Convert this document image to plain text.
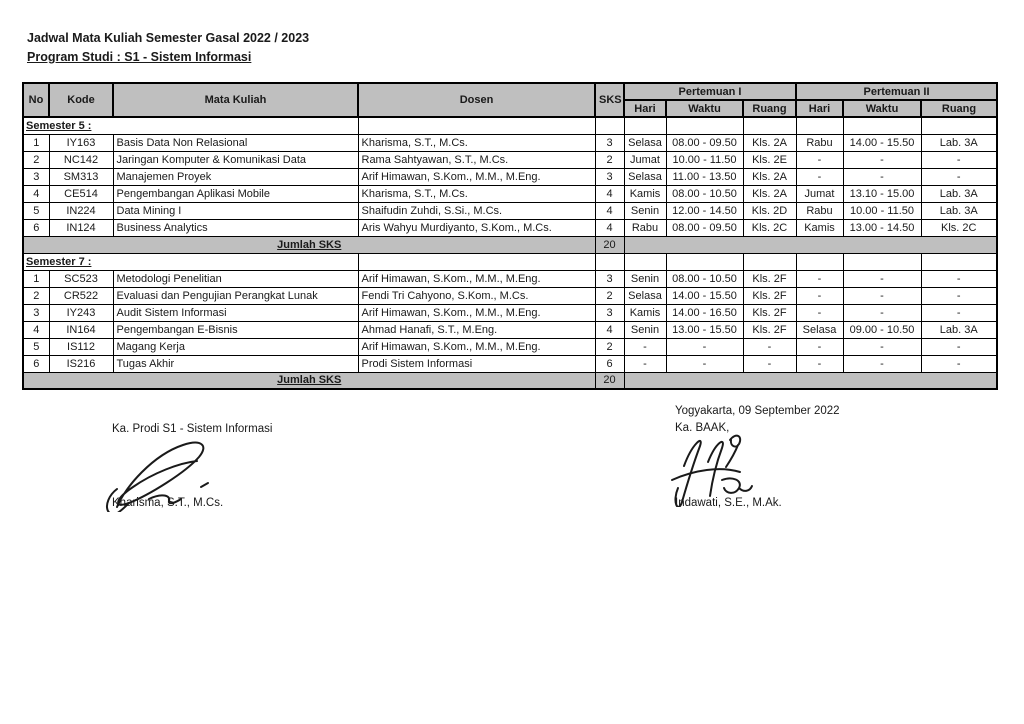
Jadwal Mata Kuliah Semester Gasal 2022 / 2023
Program Studi : S1 - Sistem Informasi
No	Kode	Mata Kuliah	Dosen	SKS	Pertemuan I			Pertemuan II		
					Hari	Waktu	Ruang	Hari	Waktu	Ruang
Semester 5 :										
1	IY163	Basis Data Non Relasional	Kharisma, S.T., M.Cs.	3	Selasa	08.00 - 09.50	Kls. 2A	Rabu	14.00 - 15.50	Lab. 3A
2	NC142	Jaringan Komputer & Komunikasi Data	Rama Sahtyawan, S.T., M.Cs.	2	Jumat	10.00 - 11.50	Kls. 2E	-	-	-
3	SM313	Manajemen Proyek	Arif Himawan, S.Kom., M.M., M.Eng.	3	Selasa	11.00 - 13.50	Kls. 2A	-	-	-
4	CE514	Pengembangan Aplikasi Mobile	Kharisma, S.T., M.Cs.	4	Kamis	08.00 - 10.50	Kls. 2A	Jumat	13.10 - 15.00	Lab. 3A
5	IN224	Data Mining I	Shaifudin Zuhdi, S.Si., M.Cs.	4	Senin	12.00 - 14.50	Kls. 2D	Rabu	10.00 - 11.50	Lab. 3A
6	IN124	Business Analytics	Aris Wahyu Murdiyanto, S.Kom., M.Cs.	4	Rabu	08.00 - 09.50	Kls. 2C	Kamis	13.00 - 14.50	Kls. 2C
Jumlah SKS				20						
Semester 7 :										
1	SC523	Metodologi Penelitian	Arif Himawan, S.Kom., M.M., M.Eng.	3	Senin	08.00 - 10.50	Kls. 2F	-	-	-
2	CR522	Evaluasi dan Pengujian Perangkat Lunak	Fendi Tri Cahyono, S.Kom., M.Cs.	2	Selasa	14.00 - 15.50	Kls. 2F	-	-	-
3	IY243	Audit Sistem Informasi	Arif Himawan, S.Kom., M.M., M.Eng.	3	Kamis	14.00 - 16.50	Kls. 2F	-	-	-
4	IN164	Pengembangan E-Bisnis	Ahmad Hanafi, S.T., M.Eng.	4	Senin	13.00 - 15.50	Kls. 2F	Selasa	09.00 - 10.50	Lab. 3A
5	IS112	Magang Kerja	Arif Himawan, S.Kom., M.M., M.Eng.	2	-	-	-	-	-	-
6	IS216	Tugas Akhir	Prodi Sistem Informasi	6	-	-	-	-	-	-
Jumlah SKS				20						
Ka. Prodi S1 - Sistem Informasi
Kharisma, S.T., M.Cs.
Yogyakarta, 09 September 2022
Ka. BAAK,
Indawati, S.E., M.Ak.
